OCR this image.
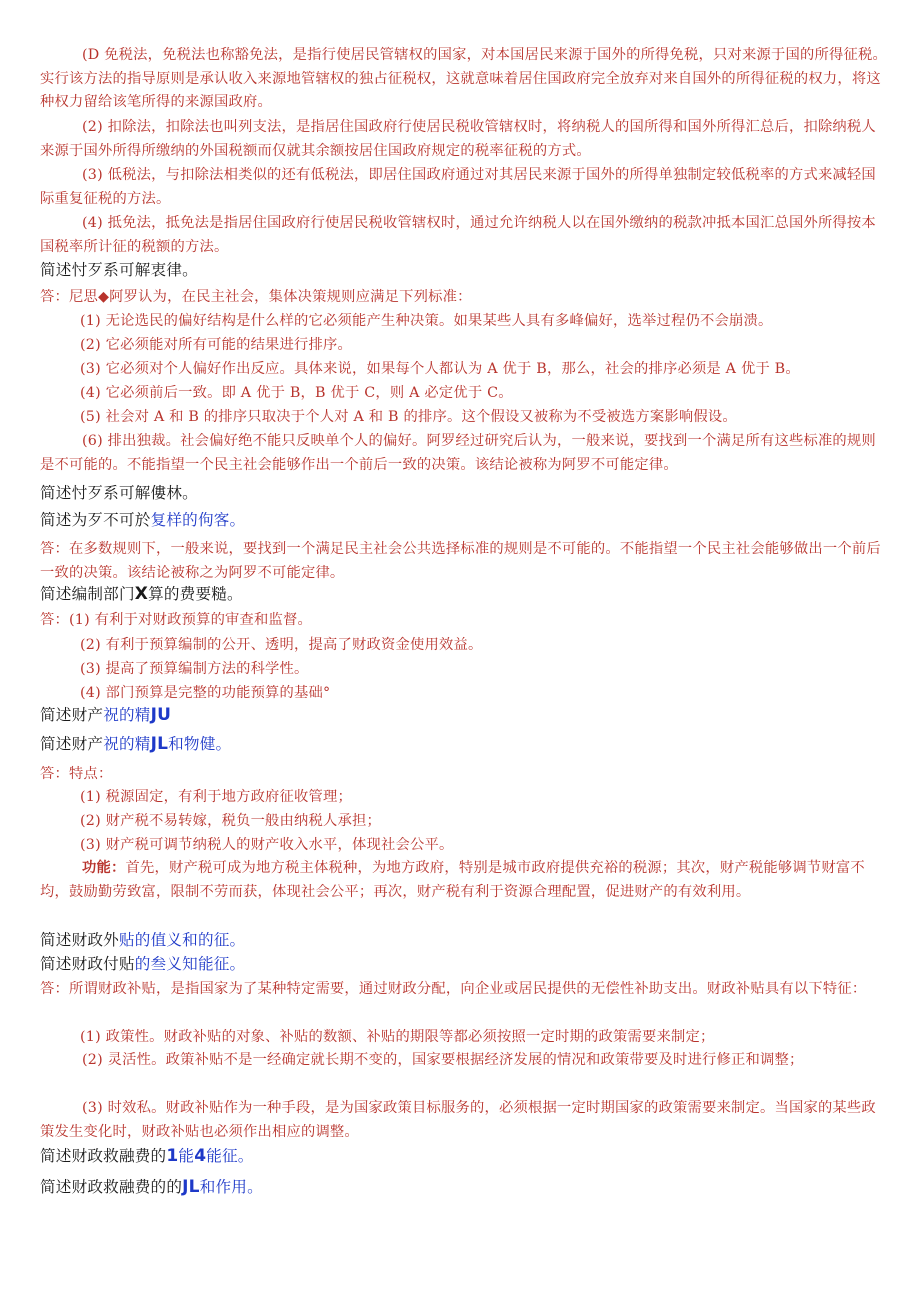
(D 免税法，免税法也称豁免法，是指行使居民管辖权的国家，对本国居民来源于国外的所得免税，只对来源于国的所得征税。实行该方法的指导原则是承认收入来源地管辖权的独占征税权，这就意味着居住国政府完全放弃对来自国外的所得征税的权力，将这种权力留给该笔所得的来源国政府。
(2) 扣除法，扣除法也叫列支法，是指居住国政府行使居民税收管辖权时，将纳税人的国所得和国外所得汇总后，扣除纳税人来源于国外所得所缴纳的外国税额而仅就其余额按居住国政府规定的税率征税的方式。
(3) 低税法，与扣除法相类似的还有低税法，即居住国政府通过对其居民来源于国外的所得单独制定较低税率的方式来减轻国际重复征税的方法。
(4) 抵免法，抵免法是指居住国政府行使居民税收管辖权时，通过允许纳税人以在国外缴纳的税款冲抵本国汇总国外所得按本国税率所计征的税额的方法。
简述忖歹系可解衷律。
答：尼思◆阿罗认为，在民主社会，集体决策规则应满足下列标准：
(1) 无论选民的偏好结构是什么样的它必须能产生种决策。如果某些人具有多峰偏好，选举过程仍不会崩溃。
(2) 它必须能对所有可能的结果进行排序。
(3) 它必须对个人偏好作出反应。具体来说，如果每个人都认为 A 优于 B，那么，社会的排序必须是 A 优于 B。
(4) 它必须前后一致。即 A 优于 B，B 优于 C，则 A 必定优于 C。
(5) 社会对 A 和 B 的排序只取决于个人对 A 和 B 的排序。这个假设又被称为不受被选方案影响假设。
(6) 排出独裁。社会偏好绝不能只反映单个人的偏好。阿罗经过研究后认为，一般来说，要找到一个满足所有这些标准的规则是不可能的。不能指望一个民主社会能够作出一个前后一致的决策。该结论被称为阿罗不可能定律。
简述忖歹系可解僂林。
简述为歹不可於复样的佝客。
答：在多数规则下，一般来说，要找到一个满足民主社会公共选择标准的规则是不可能的。不能指望一个民主社会能够做出一个前后一致的决策。该结论被称之为阿罗不可能定律。
简述编制部门X算的费要糙。
答：(1) 有利于对财政预算的审查和监督。
(2) 有利于预算编制的公开、透明，提高了财政资金使用效益。
(3) 提高了预算编制方法的科学性。
(4) 部门预算是完整的功能预算的基础°
简述财产祝的精JU
简述财产祝的精JL和物健。
答：特点：
(1) 税源固定，有利于地方政府征收管理；
(2) 财产税不易转嫁，税负一般由纳税人承担；
(3) 财产税可调节纳税人的财产收入水平，体现社会公平。
功能：首先，财产税可成为地方税主体税种，为地方政府，特别是城市政府提供充裕的税源；其次，财产税能够调节财富不均，鼓励勤劳致富，限制不劳而获，体现社会公平；再次，财产税有利于资源合理配置，促进财产的有效利用。
简述财政外贴的值义和的征。
简述财政付贴的叁义知能征。
答：所谓财政补贴，是指国家为了某种特定需要，通过财政分配，向企业或居民提供的无偿性补助支出。财政补贴具有以下特征：
(1) 政策性。财政补贴的对象、补贴的数额、补贴的期限等都必须按照一定时期的政策需要来制定；
(2) 灵活性。政策补贴不是一经确定就长期不变的，国家要根据经济发展的情况和政策带要及时进行修正和调整；
(3) 时效私。财政补贴作为一种手段，是为国家政策目标服务的，必须根据一定时期国家的政策需要来制定。当国家的某些政策发生变化时，财政补贴也必须作出相应的调整。
简述财政救融费的1能4能征。
简述财政救融费的的JL和作用。
